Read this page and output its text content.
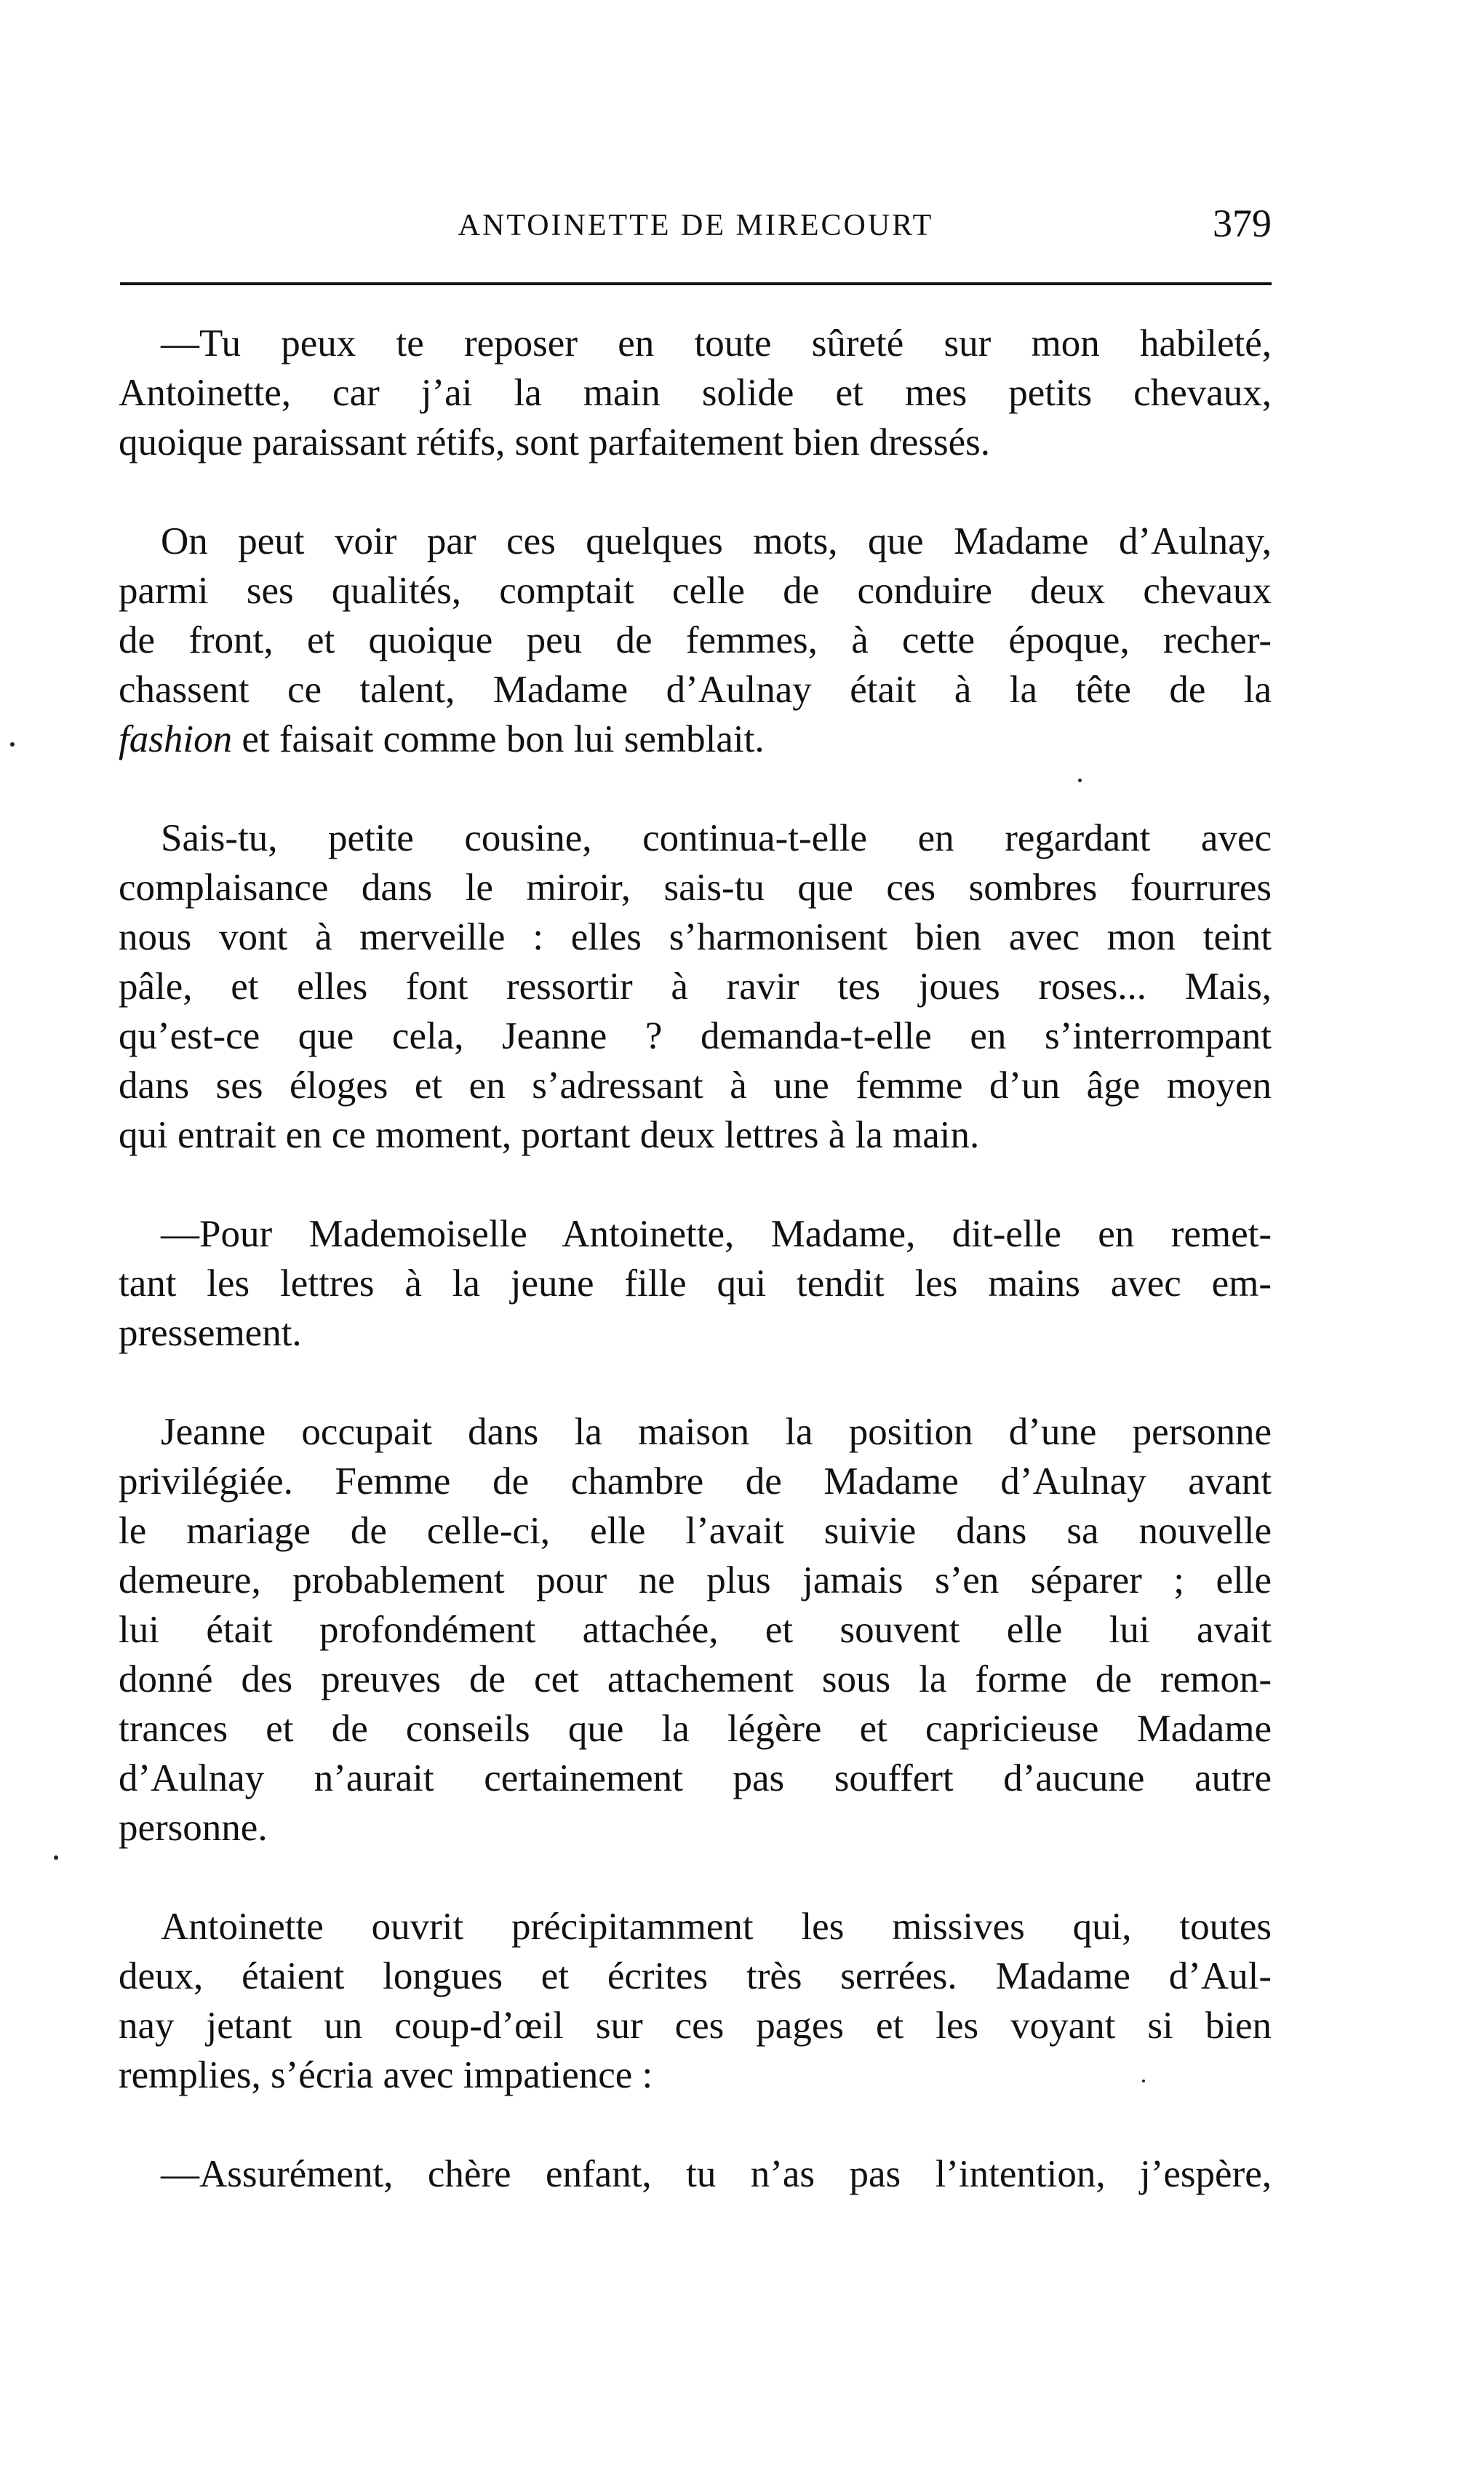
ANTOINETTE DE MIRECOURT	379

—Tu peux te reposer en toute sûreté sur mon habileté,
Antoinette, car j’ai la main solide et mes petits chevaux,
quoique paraissant rétifs, sont parfaitement bien dressés.

On peut voir par ces quelques mots, que Madame d’Aulnay,
parmi ses qualités, comptait celle de conduire deux chevaux
de front, et quoique peu de femmes, à cette époque, recher-
chassent ce talent, Madame d’Aulnay était à la tête de la
fashion et faisait comme bon lui semblait.

Sais-tu, petite cousine, continua-t-elle en regardant avec
complaisance dans le miroir, sais-tu que ces sombres fourrures
nous vont à merveille : elles s’harmonisent bien avec mon teint
pâle, et elles font ressortir à ravir tes joues roses... Mais,
qu’est-ce que cela, Jeanne ? demanda-t-elle en s’interrompant
dans ses éloges et en s’adressant à une femme d’un âge moyen
qui entrait en ce moment, portant deux lettres à la main.

—Pour Mademoiselle Antoinette, Madame, dit-elle en remet-
tant les lettres à la jeune fille qui tendit les mains avec em-
pressement.

Jeanne occupait dans la maison la position d’une personne
privilégiée. Femme de chambre de Madame d’Aulnay avant
le mariage de celle-ci, elle l’avait suivie dans sa nouvelle
demeure, probablement pour ne plus jamais s’en séparer ; elle
lui était profondément attachée, et souvent elle lui avait
donné des preuves de cet attachement sous la forme de remon-
trances et de conseils que la légère et capricieuse Madame
d’Aulnay n’aurait certainement pas souffert d’aucune autre
personne.

Antoinette ouvrit précipitamment les missives qui, toutes
deux, étaient longues et écrites très serrées. Madame d’Aul-
nay jetant un coup-d’œil sur ces pages et les voyant si bien
remplies, s’écria avec impatience :

—Assurément, chère enfant, tu n’as pas l’intention, j’espère,
